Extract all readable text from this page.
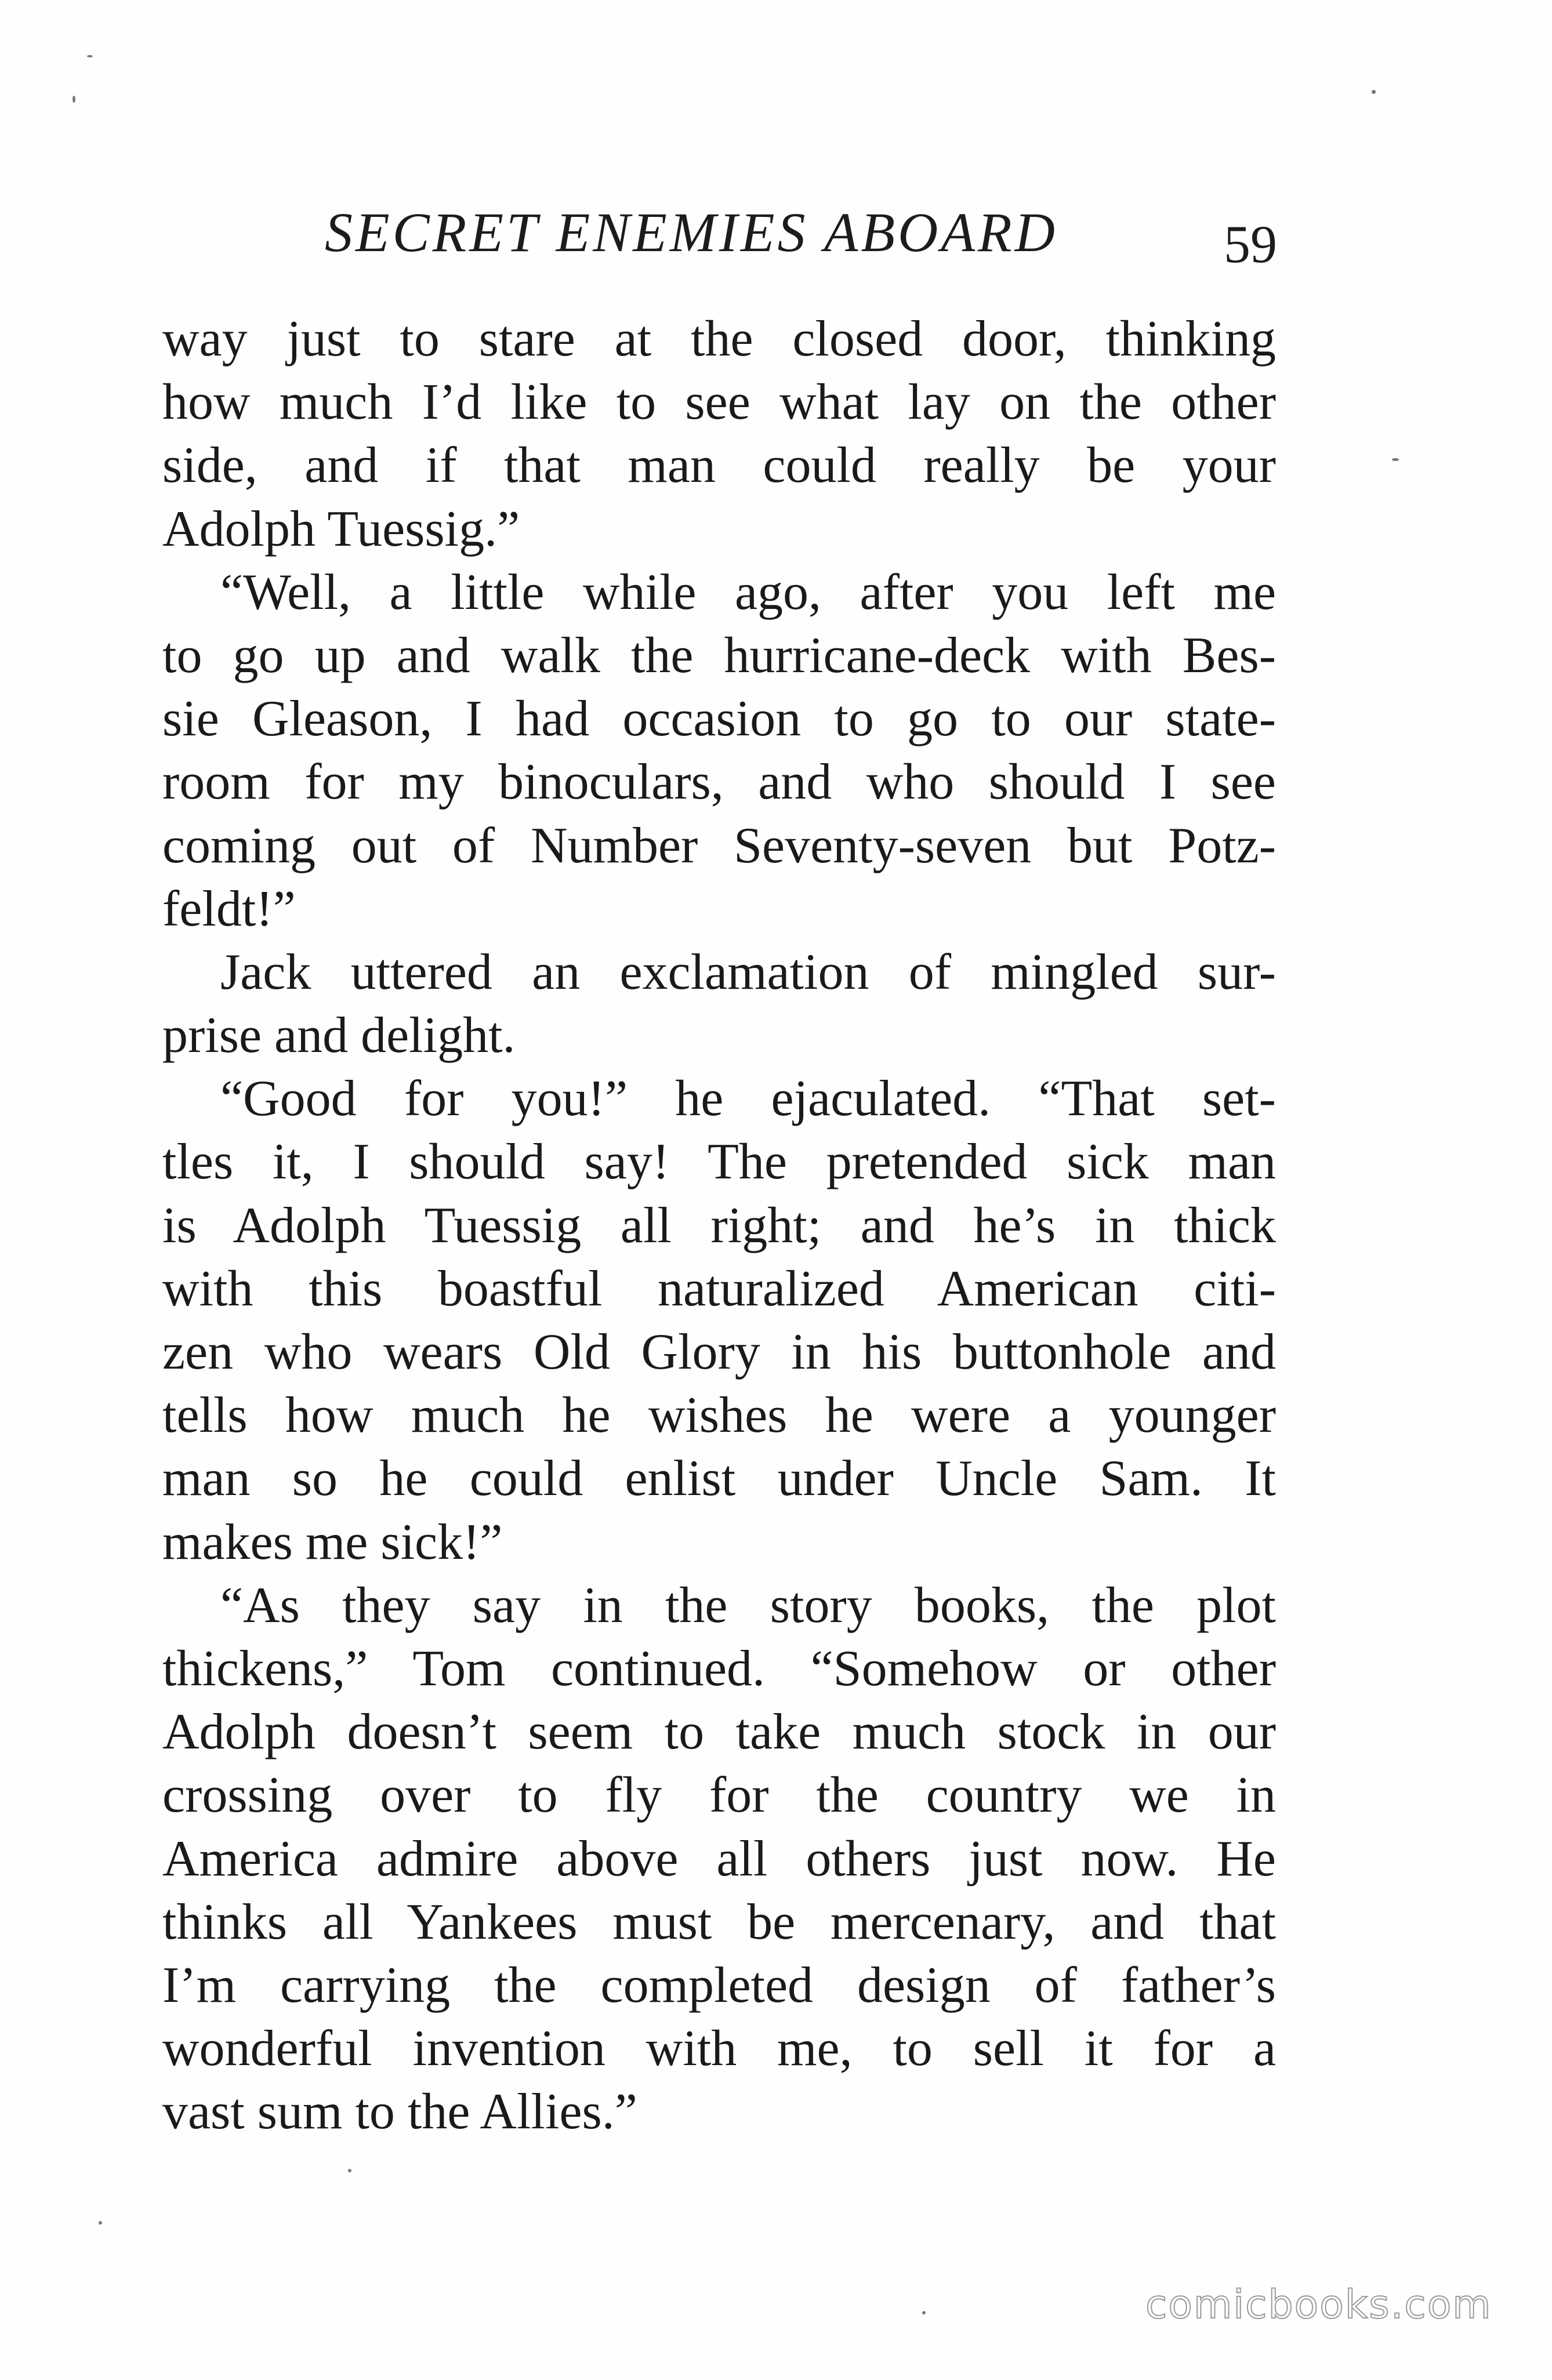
SECRET ENEMIES ABOARD	59
way just to stare at the closed door, thinking
how much I’d like to see what lay on the other
side, and if that man could really be your
Adolph Tuessig.”
“Well, a little while ago, after you left me
to go up and walk the hurricane-deck with Bes-
sie Gleason, I had occasion to go to our state-
room for my binoculars, and who should I see
coming out of Number Seventy-seven but Potz-
feldt!”
Jack uttered an exclamation of mingled sur-
prise and delight.
“Good for you!” he ejaculated. “That set-
tles it, I should say! The pretended sick man
is Adolph Tuessig all right; and he’s in thick
with this boastful naturalized American citi-
zen who wears Old Glory in his buttonhole and
tells how much he wishes he were a younger
man so he could enlist under Uncle Sam. It
makes me sick!”
“As they say in the story books, the plot
thickens,” Tom continued. “Somehow or other
Adolph doesn’t seem to take much stock in our
crossing over to fly for the country we in
America admire above all others just now. He
thinks all Yankees must be mercenary, and that
I’m carrying the completed design of father’s
wonderful invention with me, to sell it for a
vast sum to the Allies.”
comicbooks.com
